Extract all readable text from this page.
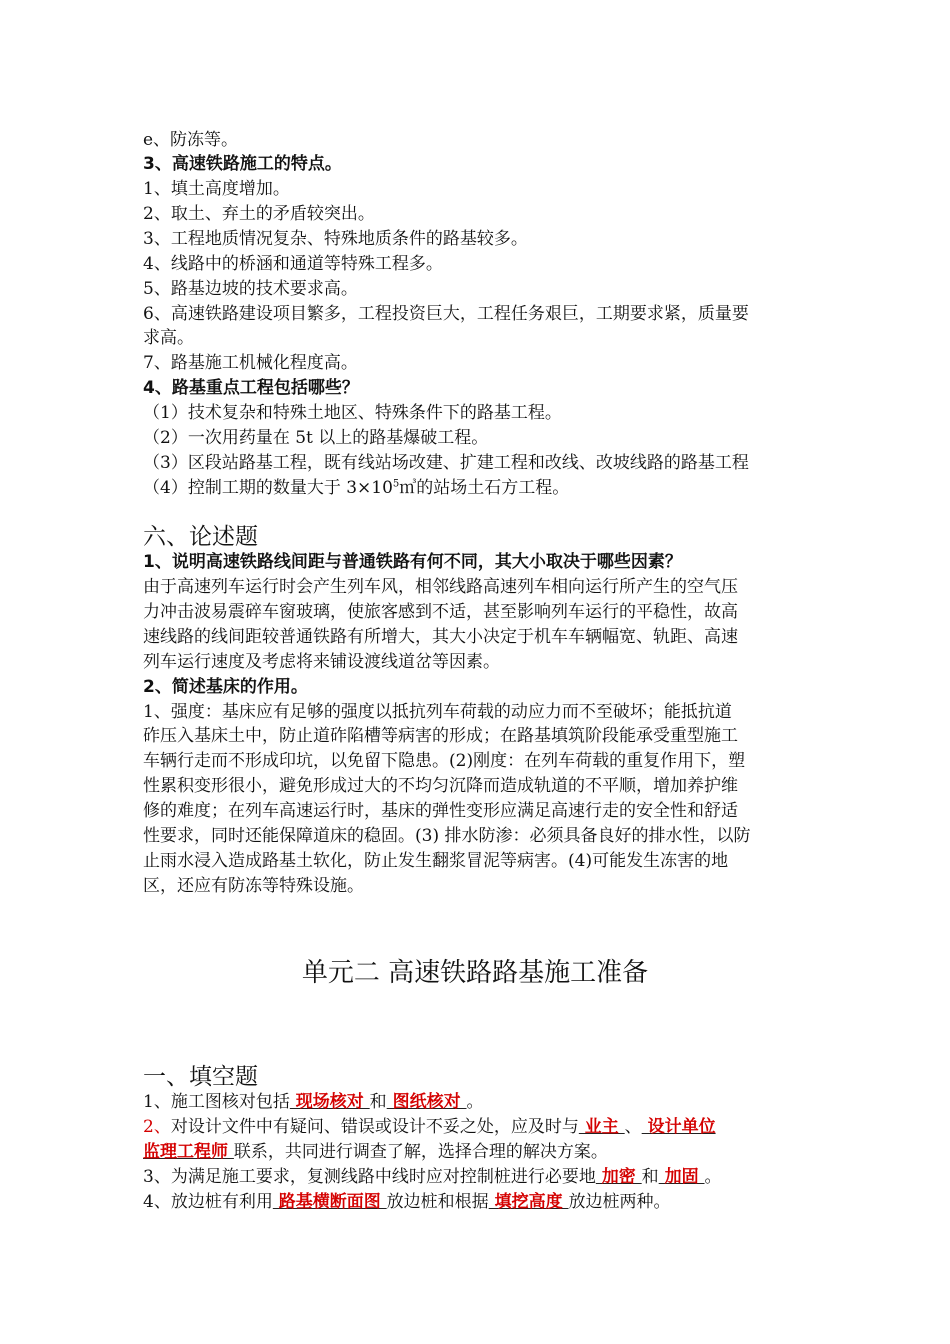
e、防冻等。
3、高速铁路施工的特点。
1、填土高度增加。
2、取土、弃土的矛盾较突出。
3、工程地质情况复杂、特殊地质条件的路基较多。
4、线路中的桥涵和通道等特殊工程多。
5、路基边坡的技术要求高。
6、高速铁路建设项目繁多，工程投资巨大，工程任务艰巨，工期要求紧，质量要
求高。
7、路基施工机械化程度高。
4、路基重点工程包括哪些？
（1）技术复杂和特殊土地区、特殊条件下的路基工程。
（2）一次用药量在 5t 以上的路基爆破工程。
（3）区段站路基工程，既有线站场改建、扩建工程和改线、改坡线路的路基工程
（4）控制工期的数量大于 $3\times 10^5㎥$的站场土石方工程。
六、论述题
1、说明高速铁路线间距与普通铁路有何不同，其大小取决于哪些因素？
由于高速列车运行时会产生列车风，相邻线路高速列车相向运行所产生的空气压
力冲击波易震碎车窗玻璃，使旅客感到不适，甚至影响列车运行的平稳性，故高
速线路的线间距较普通铁路有所增大，其大小决定于机车车辆幅宽、轨距、高速
列车运行速度及考虑将来铺设渡线道岔等因素。
2、简述基床的作用。
1、强度：基床应有足够的强度以抵抗列车荷载的动应力而不至破坏；能抵抗道
砟压入基床土中，防止道砟陷槽等病害的形成；在路基填筑阶段能承受重型施工
车辆行走而不形成印坑，以免留下隐患。(2)刚度：在列车荷载的重复作用下，塑
性累积变形很小，避免形成过大的不均匀沉降而造成轨道的不平顺，增加养护维
修的难度；在列车高速运行时，基床的弹性变形应满足高速行走的安全性和舒适
性要求，同时还能保障道床的稳固。(3) 排水防渗：必须具备良好的排水性，以防
止雨水浸入造成路基土软化，防止发生翻浆冒泥等病害。(4)可能发生冻害的地
区，还应有防冻等特殊设施。
单元二 高速铁路路基施工准备
一、填空题
1、施工图核对包括 现场核对 和 图纸核对 。
2、对设计文件中有疑问、错误或设计不妥之处，应及时与 业主 、 设计单位
监理工程师 联系，共同进行调查了解，选择合理的解决方案。
3、为满足施工要求，复测线路中线时应对控制桩进行必要地 加密 和 加固 。
4、放边桩有利用 路基横断面图 放边桩和根据 填挖高度 放边桩两种。
